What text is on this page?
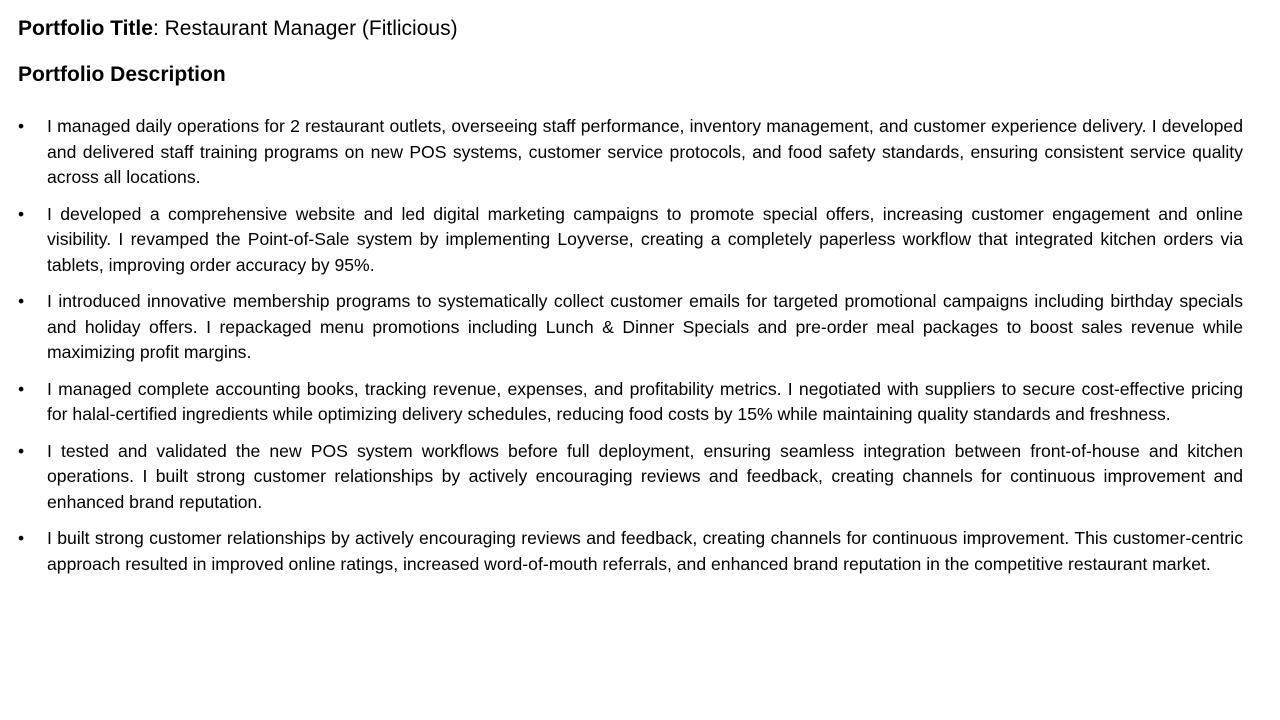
Portfolio Title: Restaurant Manager (Fitlicious)
Portfolio Description
• I managed daily operations for 2 restaurant outlets, overseeing staff performance, inventory management, and customer experience delivery. I developed and delivered staff training programs on new POS systems, customer service protocols, and food safety standards, ensuring consistent service quality across all locations.
• I developed a comprehensive website and led digital marketing campaigns to promote special offers, increasing customer engagement and online visibility. I revamped the Point-of-Sale system by implementing Loyverse, creating a completely paperless workflow that integrated kitchen orders via tablets, improving order accuracy by 95%.
• I introduced innovative membership programs to systematically collect customer emails for targeted promotional campaigns including birthday specials and holiday offers. I repackaged menu promotions including Lunch & Dinner Specials and pre-order meal packages to boost sales revenue while maximizing profit margins.
• I managed complete accounting books, tracking revenue, expenses, and profitability metrics. I negotiated with suppliers to secure cost-effective pricing for halal-certified ingredients while optimizing delivery schedules, reducing food costs by 15% while maintaining quality standards and freshness.
• I tested and validated the new POS system workflows before full deployment, ensuring seamless integration between front-of-house and kitchen operations. I built strong customer relationships by actively encouraging reviews and feedback, creating channels for continuous improvement and enhanced brand reputation.
• I built strong customer relationships by actively encouraging reviews and feedback, creating channels for continuous improvement. This customer-centric approach resulted in improved online ratings, increased word-of-mouth referrals, and enhanced brand reputation in the competitive restaurant market.
